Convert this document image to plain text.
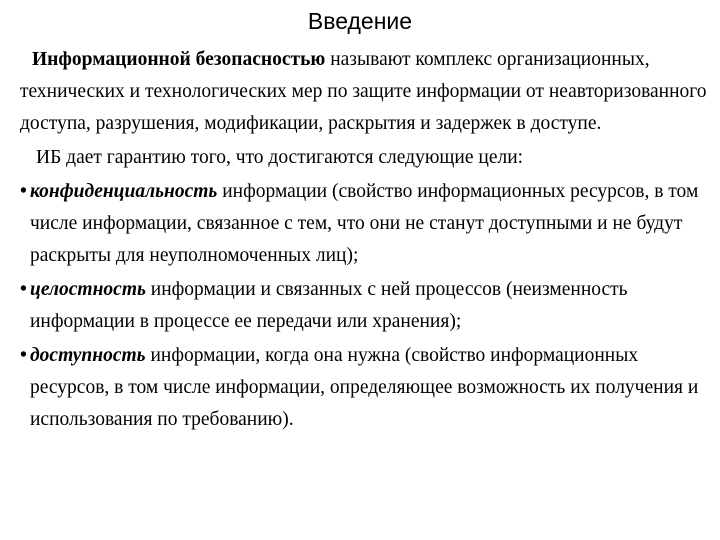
Введение

Информационной безопасностью называют комплекс организационных, технических и технологических мер по защите информации от неавторизованного доступа, разрушения, модификации, раскрытия и задержек в доступе.

ИБ дает гарантию того, что достигаются следующие цели:

• конфиденциальность информации (свойство информационных ресурсов, в том числе информации, связанное с тем, что они не станут доступными и не будут раскрыты для неуполномоченных лиц);
• целостность информации и связанных с ней процессов (неизменность информации в процессе ее передачи или хранения);
• доступность информации, когда она нужна (свойство информационных ресурсов, в том числе информации, определяющее возможность их получения и использования по требованию).
